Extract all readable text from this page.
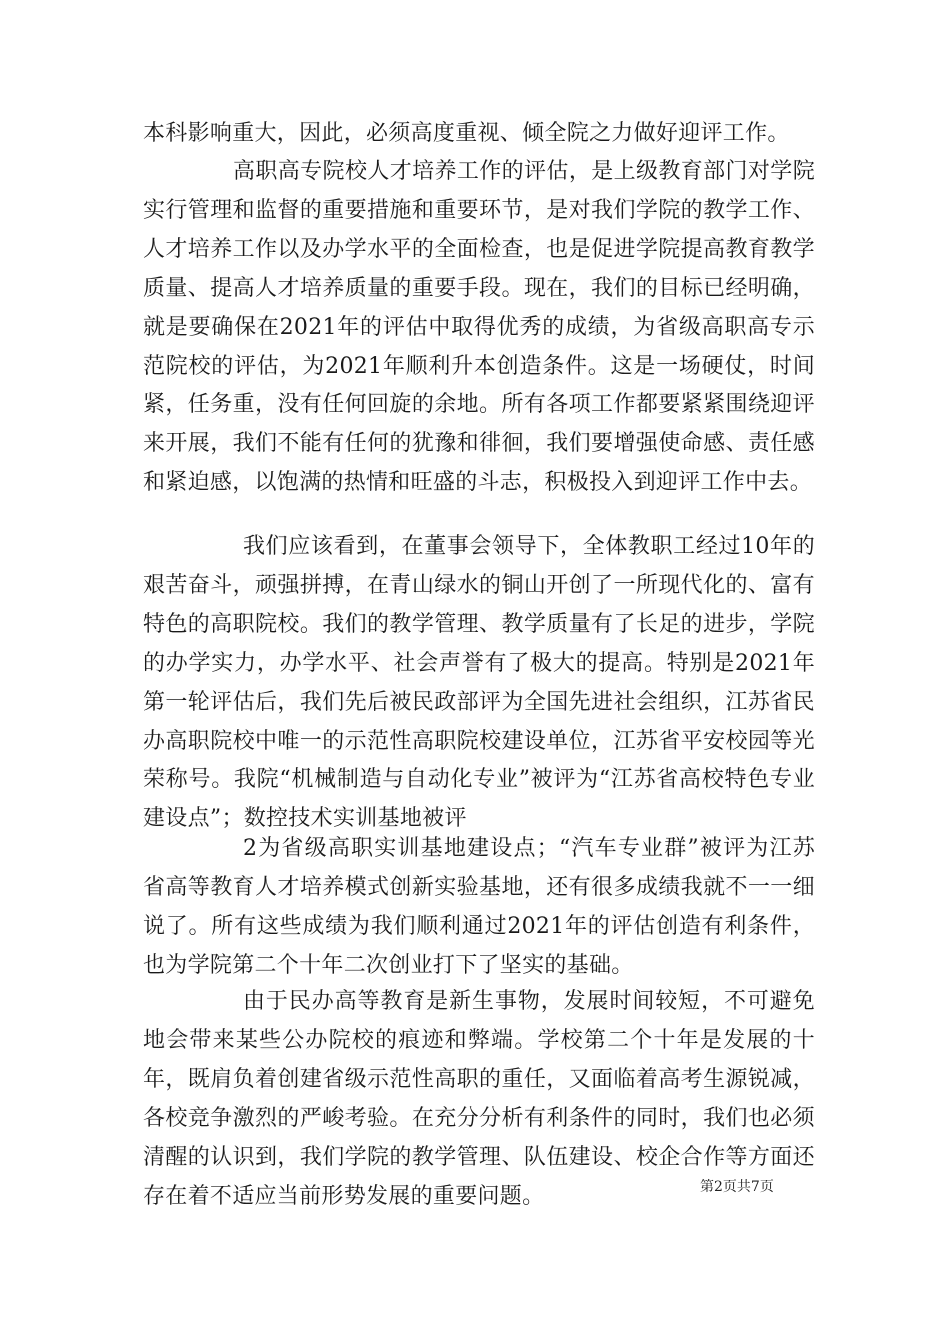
本科影响重大，因此，必须高度重视、倾全院之力做好迎评工作。

高职高专院校人才培养工作的评估，是上级教育部门对学院实行管理和监督的重要措施和重要环节，是对我们学院的教学工作、人才培养工作以及办学水平的全面检查，也是促进学院提高教育教学质量、提高人才培养质量的重要手段。现在，我们的目标已经明确，就是要确保在2021年的评估中取得优秀的成绩，为省级高职高专示范院校的评估，为2021年顺利升本创造条件。这是一场硬仗，时间紧，任务重，没有任何回旋的余地。所有各项工作都要紧紧围绕迎评来开展，我们不能有任何的犹豫和徘徊，我们要增强使命感、责任感和紧迫感，以饱满的热情和旺盛的斗志，积极投入到迎评工作中去。

我们应该看到，在董事会领导下，全体教职工经过10年的艰苦奋斗，顽强拼搏，在青山绿水的铜山开创了一所现代化的、富有特色的高职院校。我们的教学管理、教学质量有了长足的进步，学院的办学实力，办学水平、社会声誉有了极大的提高。特别是2021年第一轮评估后，我们先后被民政部评为全国先进社会组织，江苏省民办高职院校中唯一的示范性高职院校建设单位，江苏省平安校园等光荣称号。我院“机械制造与自动化专业”被评为“江苏省高校特色专业建设点”；数控技术实训基地被评

2为省级高职实训基地建设点；“汽车专业群”被评为江苏省高等教育人才培养模式创新实验基地，还有很多成绩我就不一一细说了。所有这些成绩为我们顺利通过2021年的评估创造有利条件，也为学院第二个十年二次创业打下了坚实的基础。

由于民办高等教育是新生事物，发展时间较短，不可避免地会带来某些公办院校的痕迹和弊端。学校第二个十年是发展的十年，既肩负着创建省级示范性高职的重任，又面临着高考生源锐减，各校竞争激烈的严峻考验。在充分分析有利条件的同时，我们也必须清醒的认识到，我们学院的教学管理、队伍建设、校企合作等方面还存在着不适应当前形势发展的重要问题。	第2页共7页
